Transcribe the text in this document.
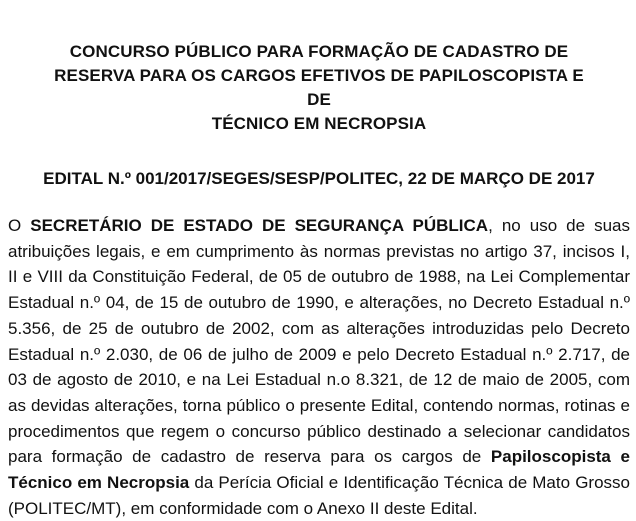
CONCURSO PÚBLICO PARA FORMAÇÃO DE CADASTRO DE
RESERVA PARA OS CARGOS EFETIVOS DE PAPILOSCOPISTA E DE
TÉCNICO EM NECROPSIA
EDITAL N.º 001/2017/SEGES/SESP/POLITEC, 22 DE MARÇO DE 2017

O SECRETÁRIO DE ESTADO DE SEGURANÇA PÚBLICA, no uso de suas atribuições legais, e em cumprimento às normas previstas no artigo 37, incisos I, II e VIII da Constituição Federal, de 05 de outubro de 1988, na Lei Complementar Estadual n.º 04, de 15 de outubro de 1990, e alterações, no Decreto Estadual n.º 5.356, de 25 de outubro de 2002, com as alterações introduzidas pelo Decreto Estadual n.º 2.030, de 06 de julho de 2009 e pelo Decreto Estadual n.º 2.717, de 03 de agosto de 2010, e na Lei Estadual n.o 8.321, de 12 de maio de 2005, com as devidas alterações, torna público o presente Edital, contendo normas, rotinas e procedimentos que regem o concurso público destinado a selecionar candidatos para formação de cadastro de reserva para os cargos de Papiloscopista e Técnico em Necropsia da Perícia Oficial e Identificação Técnica de Mato Grosso (POLITEC/MT), em conformidade com o Anexo II deste Edital.
